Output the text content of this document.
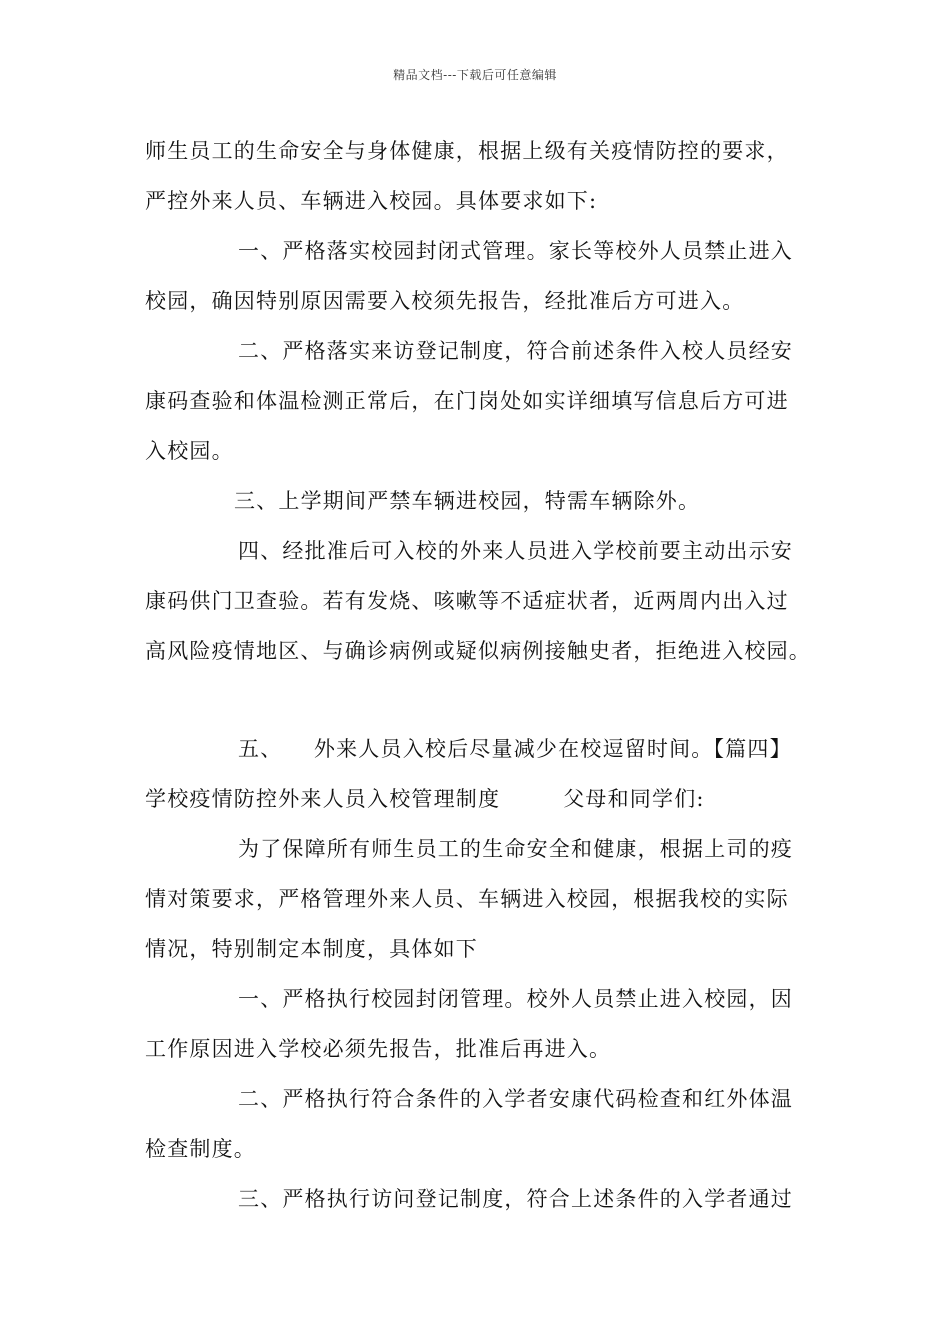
精品文档---下载后可任意编辑
师生员工的生命安全与身体健康，根据上级有关疫情防控的要求，
严控外来人员、车辆进入校园。具体要求如下:
一、严格落实校园封闭式管理。家长等校外人员禁止进入
校园，确因特别原因需要入校须先报告，经批准后方可进入。
二、严格落实来访登记制度，符合前述条件入校人员经安
康码查验和体温检测正常后，在门岗处如实详细填写信息后方可进
入校园。
三、上学期间严禁车辆进校园，特需车辆除外。
四、经批准后可入校的外来人员进入学校前要主动出示安
康码供门卫查验。若有发烧、咳嗽等不适症状者，近两周内出入过
高风险疫情地区、与确诊病例或疑似病例接触史者，拒绝进入校园。
五、    外来人员入校后尽量减少在校逗留时间。【篇四】
学校疫情防控外来人员入校管理制度        父母和同学们:
为了保障所有师生员工的生命安全和健康，根据上司的疫
情对策要求，严格管理外来人员、车辆进入校园，根据我校的实际
情况，特别制定本制度，具体如下
一、严格执行校园封闭管理。校外人员禁止进入校园，因
工作原因进入学校必须先报告，批准后再进入。
二、严格执行符合条件的入学者安康代码检查和红外体温
检查制度。
三、严格执行访问登记制度，符合上述条件的入学者通过
